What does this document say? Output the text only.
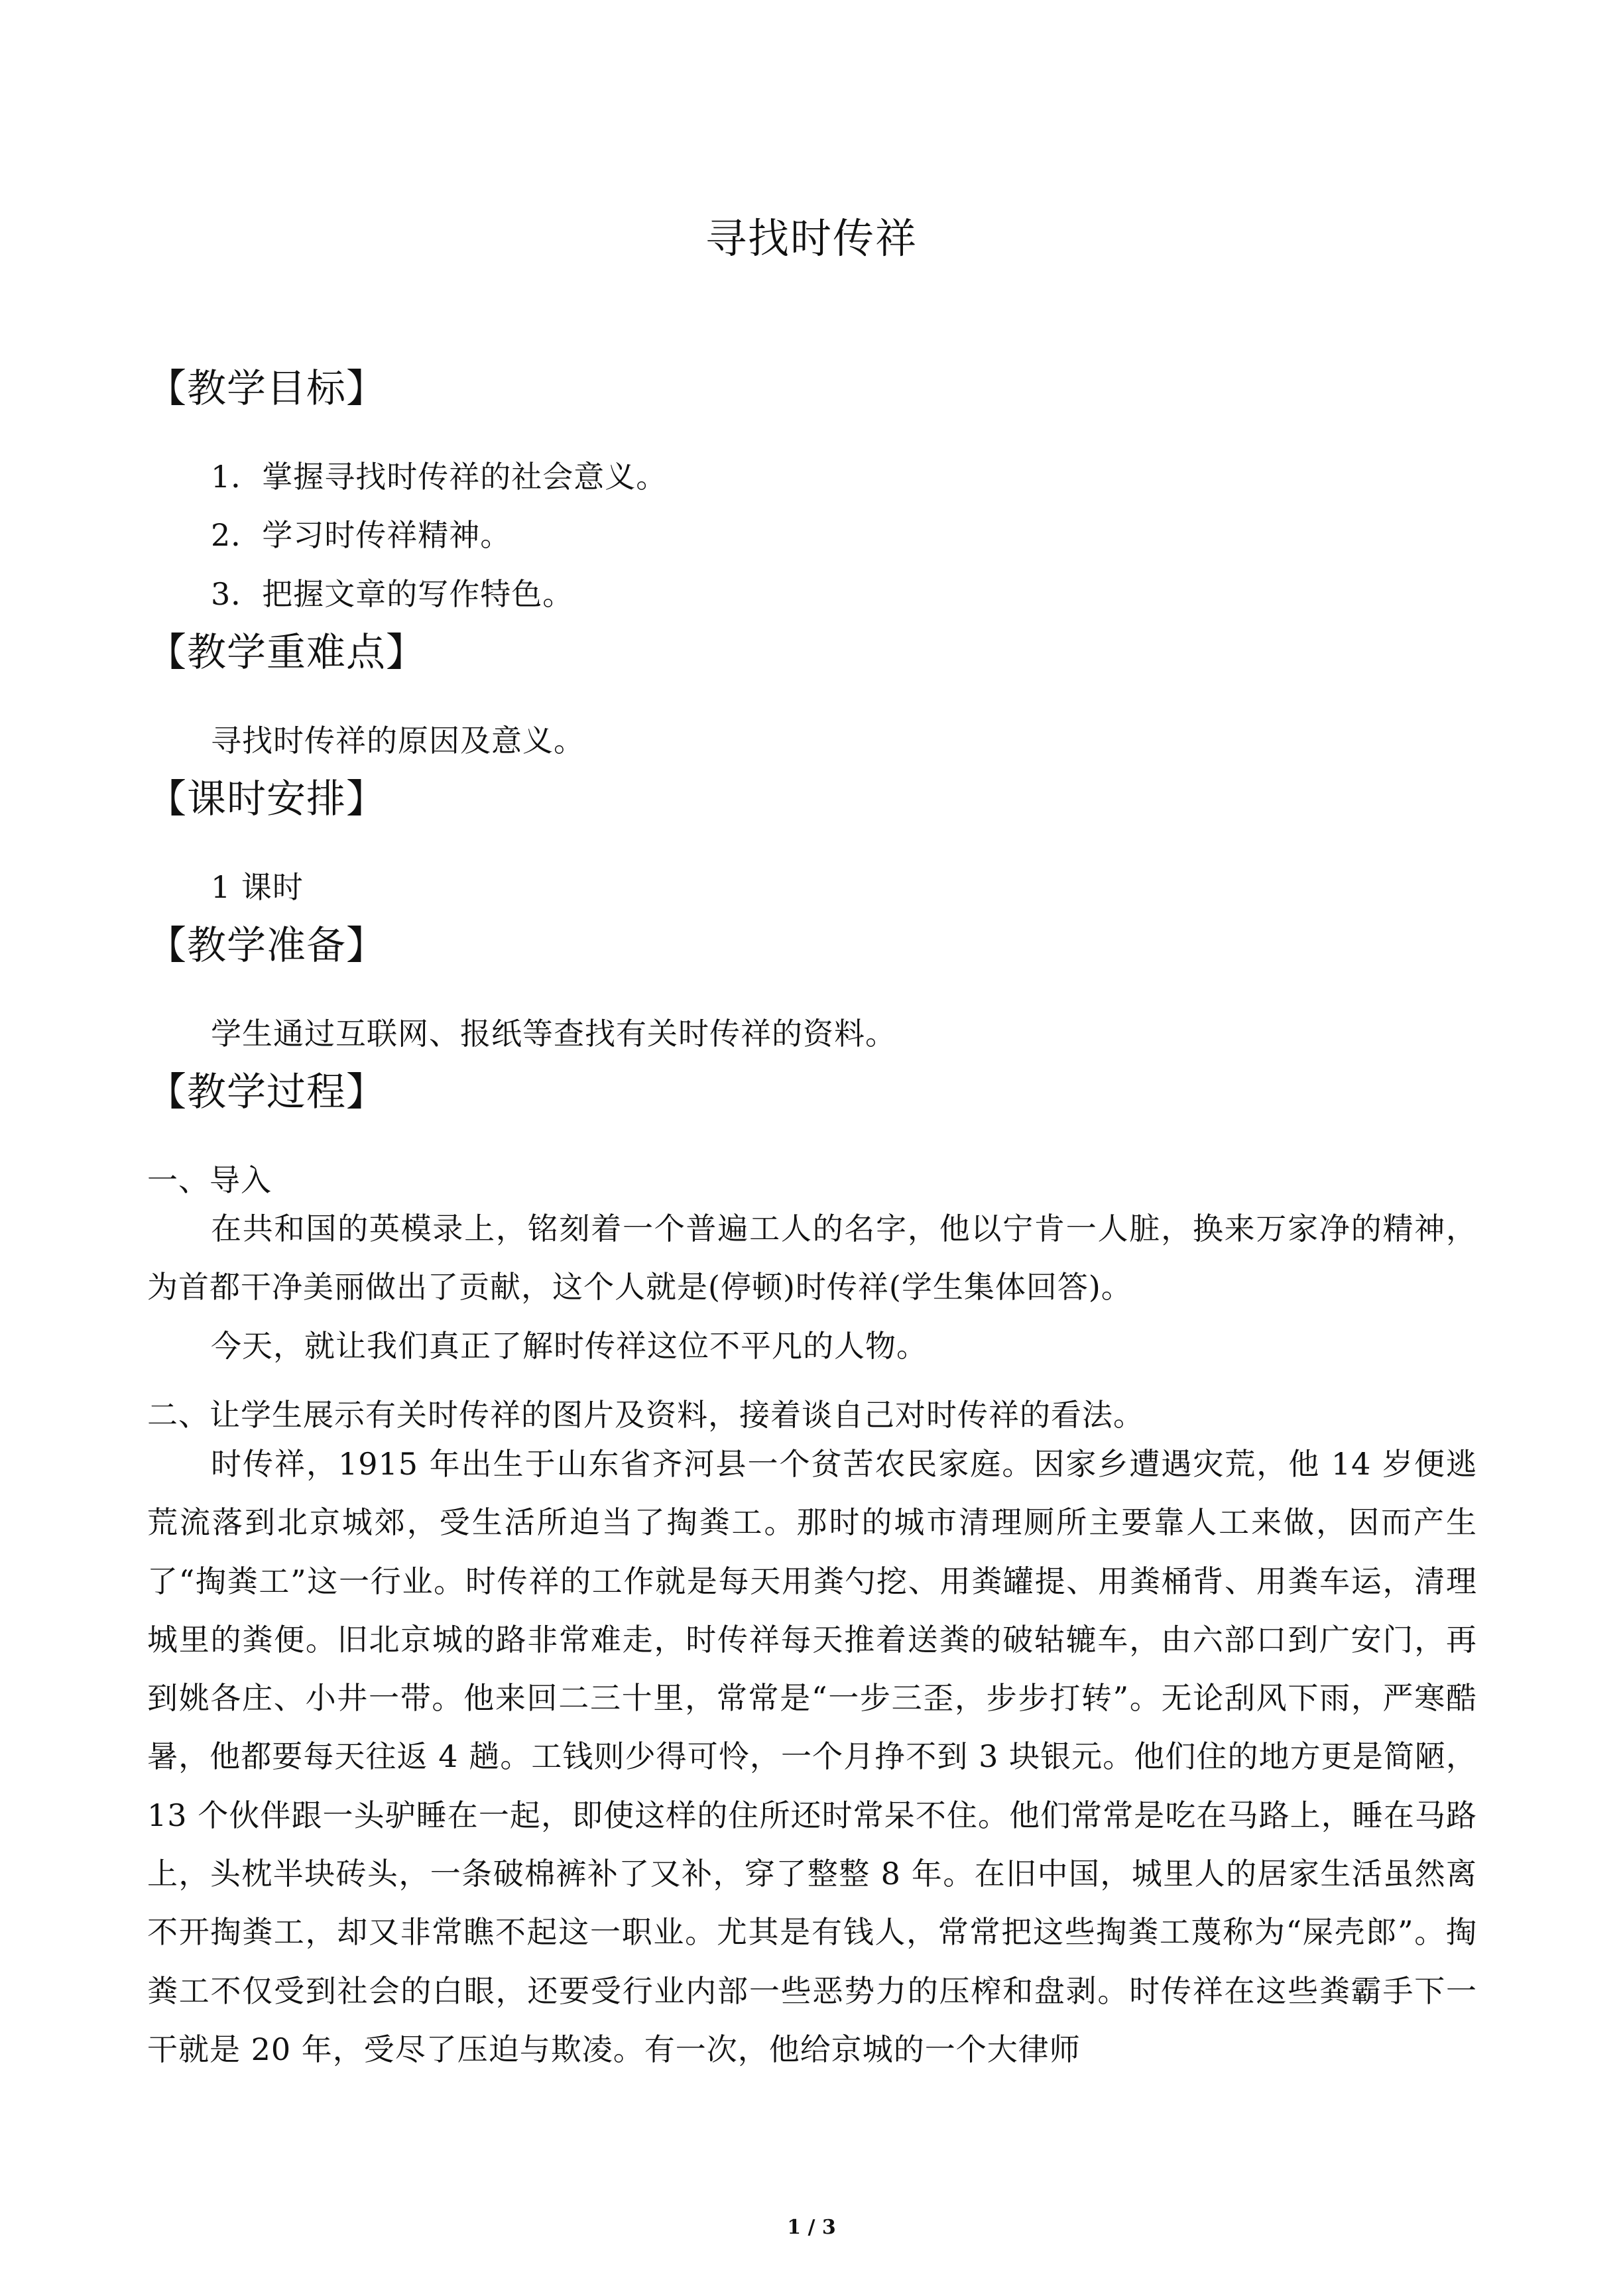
寻找时传祥
【教学目标】
1．掌握寻找时传祥的社会意义。
2．学习时传祥精神。
3．把握文章的写作特色。
【教学重难点】
寻找时传祥的原因及意义。
【课时安排】
1 课时
【教学准备】
学生通过互联网、报纸等查找有关时传祥的资料。
【教学过程】
一、导入
在共和国的英模录上，铭刻着一个普遍工人的名字，他以宁肯一人脏，换来万家净的精神，为首都干净美丽做出了贡献，这个人就是(停顿)时传祥(学生集体回答)。
今天，就让我们真正了解时传祥这位不平凡的人物。
二、让学生展示有关时传祥的图片及资料，接着谈自己对时传祥的看法。
时传祥，1915 年出生于山东省齐河县一个贫苦农民家庭。因家乡遭遇灾荒，他 14 岁便逃荒流落到北京城郊，受生活所迫当了掏粪工。那时的城市清理厕所主要靠人工来做，因而产生了“掏粪工”这一行业。时传祥的工作就是每天用粪勺挖、用粪罐提、用粪桶背、用粪车运，清理城里的粪便。旧北京城的路非常难走，时传祥每天推着送粪的破轱辘车，由六部口到广安门，再到姚各庄、小井一带。他来回二三十里，常常是“一步三歪，步步打转”。无论刮风下雨，严寒酷暑，他都要每天往返 4 趟。工钱则少得可怜，一个月挣不到 3 块银元。他们住的地方更是简陋，13 个伙伴跟一头驴睡在一起，即使这样的住所还时常呆不住。他们常常是吃在马路上，睡在马路上，头枕半块砖头，一条破棉裤补了又补，穿了整整 8 年。在旧中国，城里人的居家生活虽然离不开掏粪工，却又非常瞧不起这一职业。尤其是有钱人，常常把这些掏粪工蔑称为“屎壳郎”。掏粪工不仅受到社会的白眼，还要受行业内部一些恶势力的压榨和盘剥。时传祥在这些粪霸手下一干就是 20 年，受尽了压迫与欺凌。有一次，他给京城的一个大律师
1 / 3
